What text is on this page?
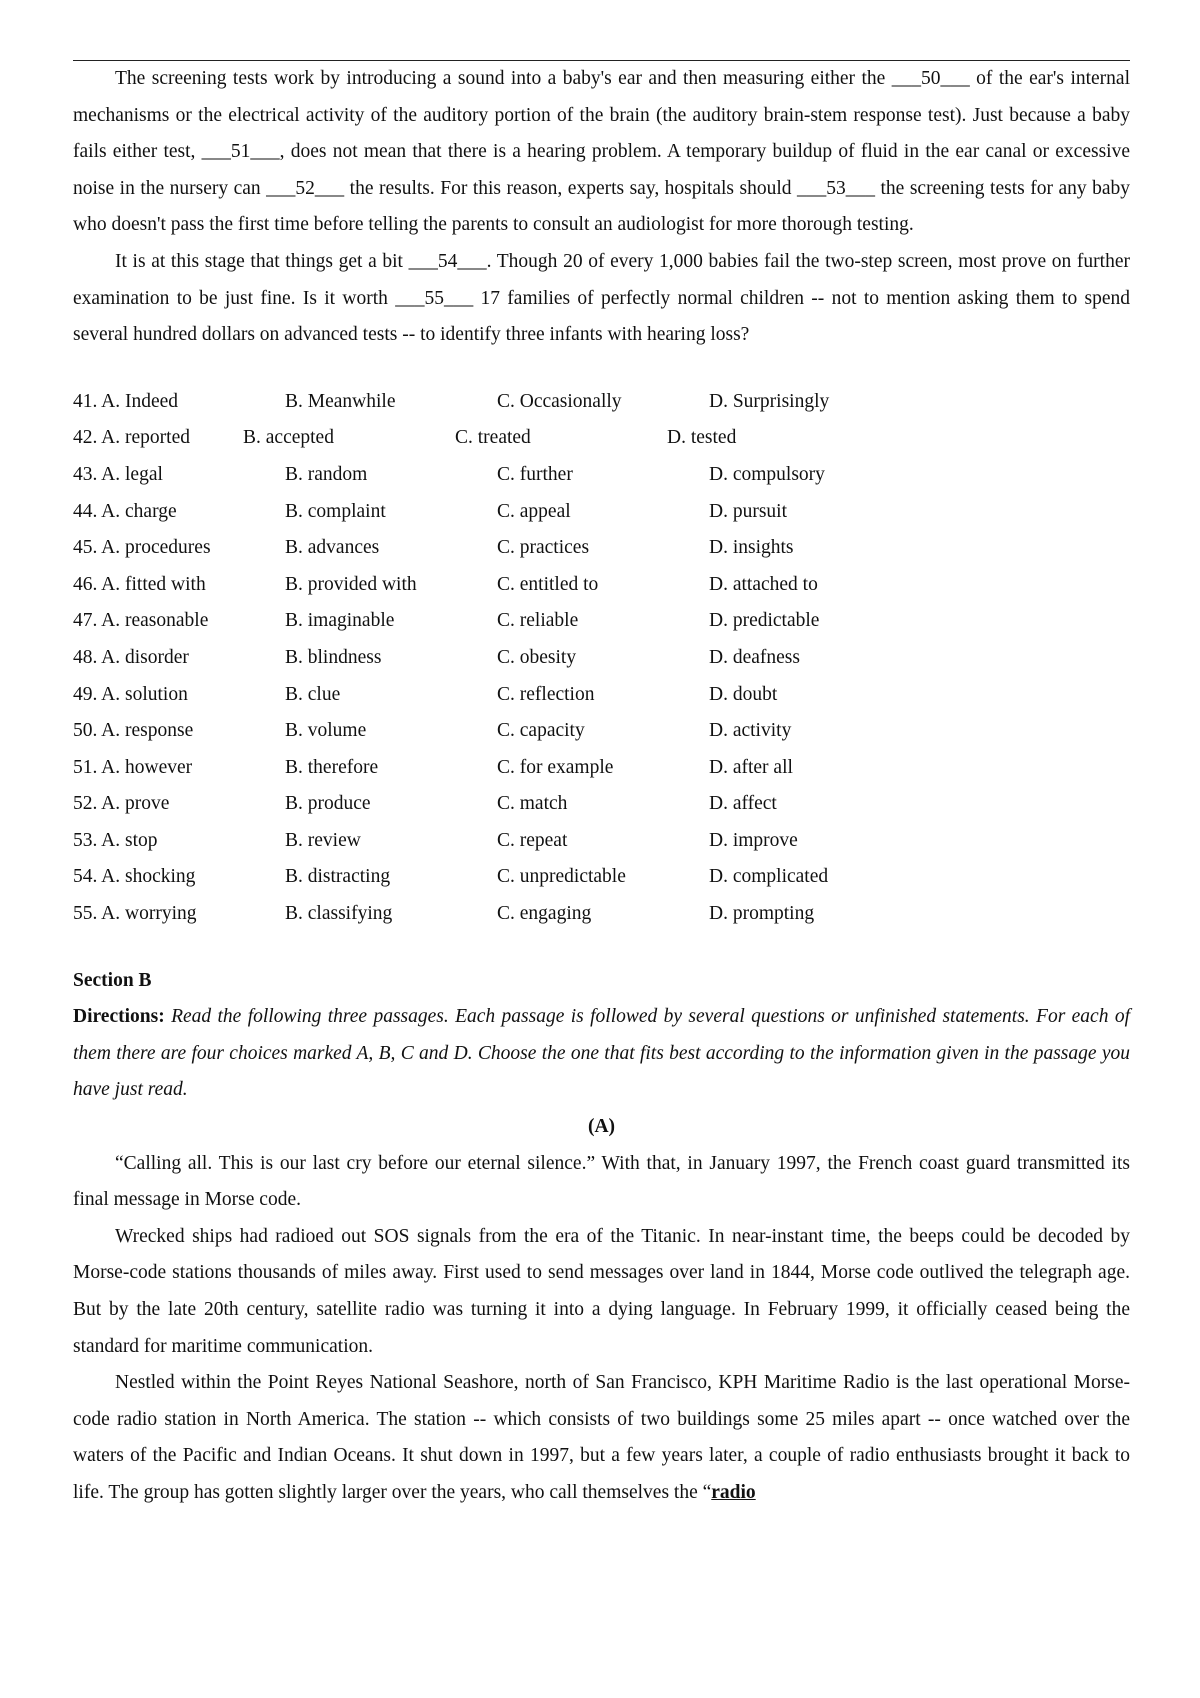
The screening tests work by introducing a sound into a baby's ear and then measuring either the ___50___ of the ear's internal mechanisms or the electrical activity of the auditory portion of the brain (the auditory brain-stem response test). Just because a baby fails either test, ___51___, does not mean that there is a hearing problem. A temporary buildup of fluid in the ear canal or excessive noise in the nursery can ___52___ the results. For this reason, experts say, hospitals should ___53___ the screening tests for any baby who doesn't pass the first time before telling the parents to consult an audiologist for more thorough testing.

It is at this stage that things get a bit ___54___. Though 20 of every 1,000 babies fail the two-step screen, most prove on further examination to be just fine. Is it worth ___55___ 17 families of perfectly normal children -- not to mention asking them to spend several hundred dollars on advanced tests -- to identify three infants with hearing loss?

41. A. Indeed	B. Meanwhile	C. Occasionally	D. Surprisingly
42. A. reported	B. accepted	C. treated	D. tested
43. A. legal	B. random	C. further	D. compulsory
44. A. charge	B. complaint	C. appeal	D. pursuit
45. A. procedures	B. advances	C. practices	D. insights
46. A. fitted with	B. provided with	C. entitled to	D. attached to
47. A. reasonable	B. imaginable	C. reliable	D. predictable
48. A. disorder	B. blindness	C. obesity	D. deafness
49. A. solution	B. clue	C. reflection	D. doubt
50. A. response	B. volume	C. capacity	D. activity
51. A. however	B. therefore	C. for example	D. after all
52. A. prove	B. produce	C. match	D. affect
53. A. stop	B. review	C. repeat	D. improve
54. A. shocking	B. distracting	C. unpredictable	D. complicated
55. A. worrying	B. classifying	C. engaging	D. prompting

Section B

Directions: Read the following three passages. Each passage is followed by several questions or unfinished statements. For each of them there are four choices marked A, B, C and D. Choose the one that fits best according to the information given in the passage you have just read.

(A)

“Calling all. This is our last cry before our eternal silence.” With that, in January 1997, the French coast guard transmitted its final message in Morse code.

Wrecked ships had radioed out SOS signals from the era of the Titanic. In near-instant time, the beeps could be decoded by Morse-code stations thousands of miles away. First used to send messages over land in 1844, Morse code outlived the telegraph age. But by the late 20th century, satellite radio was turning it into a dying language. In February 1999, it officially ceased being the standard for maritime communication.

Nestled within the Point Reyes National Seashore, north of San Francisco, KPH Maritime Radio is the last operational Morse-code radio station in North America. The station -- which consists of two buildings some 25 miles apart -- once watched over the waters of the Pacific and Indian Oceans. It shut down in 1997, but a few years later, a couple of radio enthusiasts brought it back to life. The group has gotten slightly larger over the years, who call themselves the “radio
